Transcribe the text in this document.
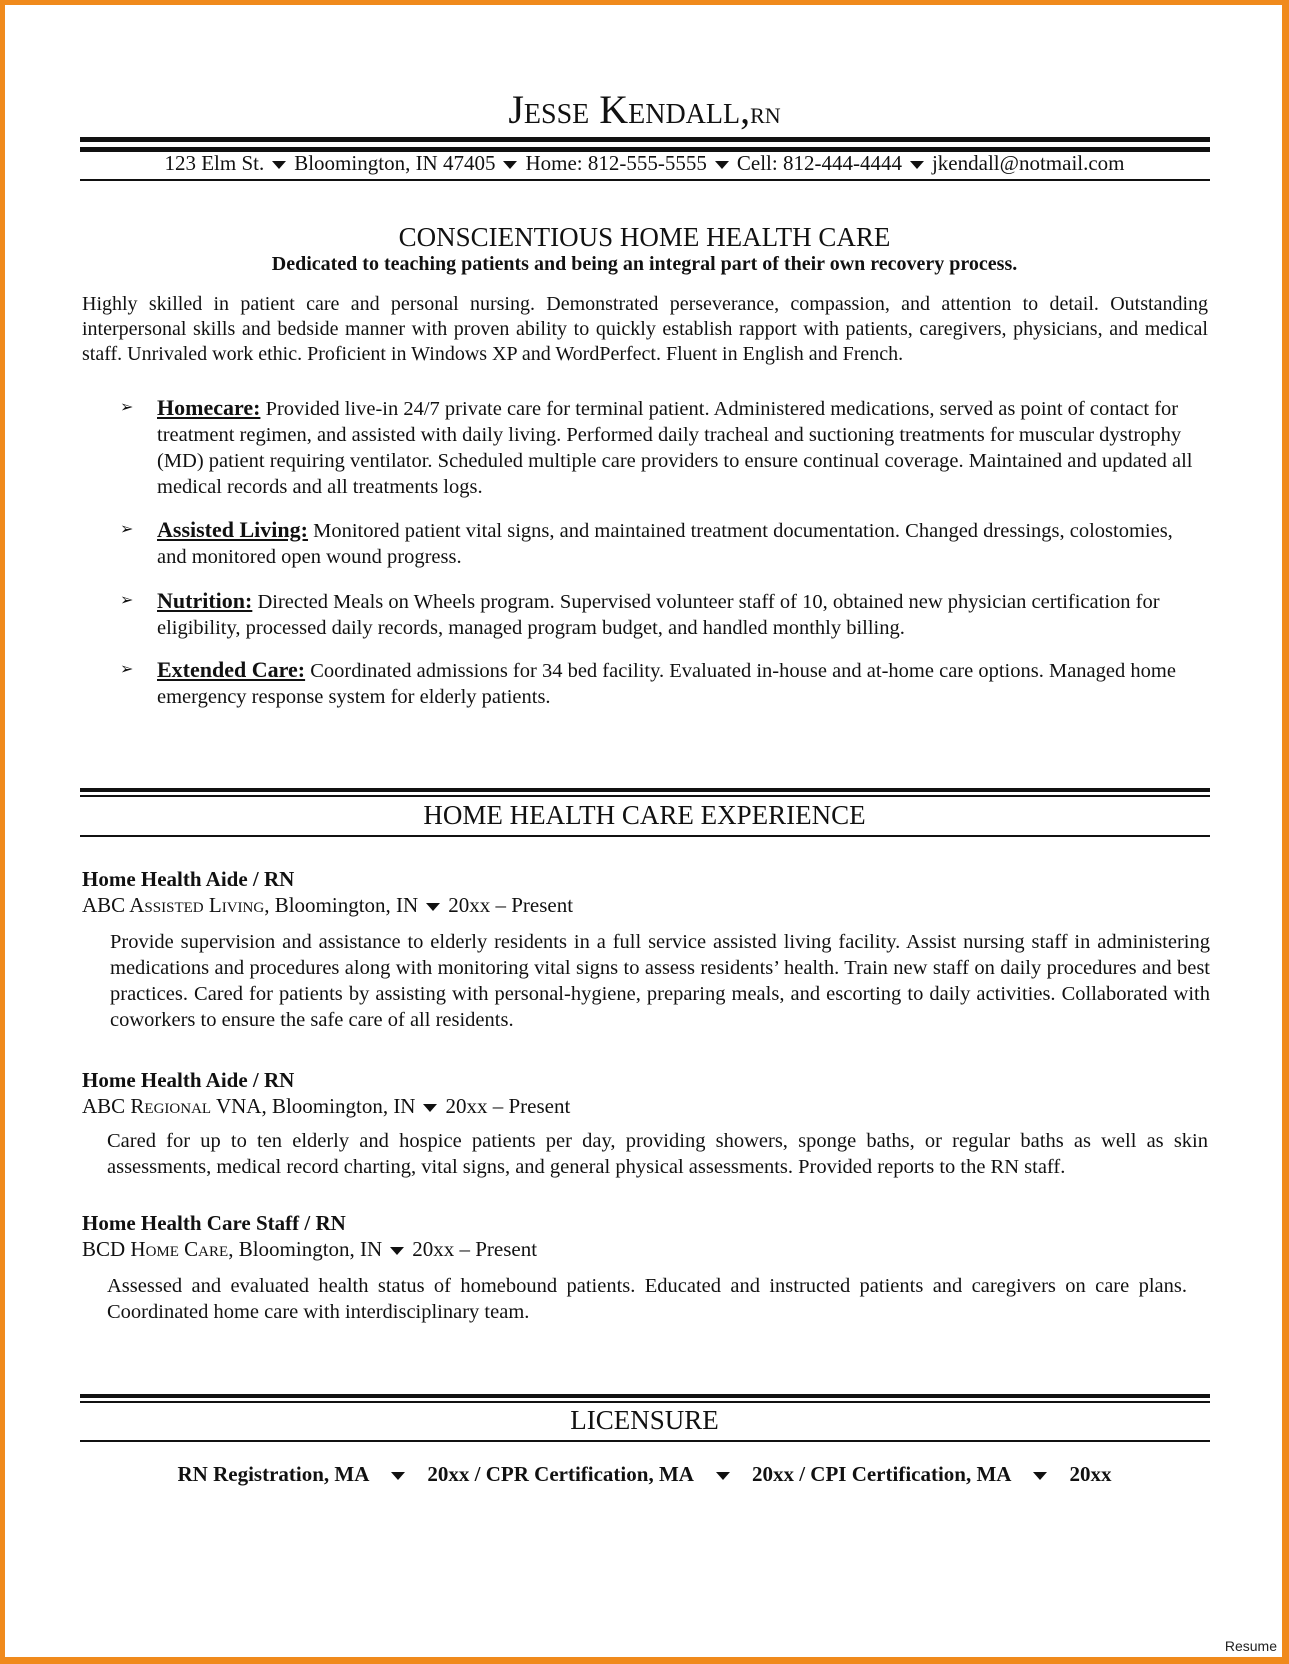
Jesse Kendall,RN
123 Elm St. Bloomington, IN 47405 Home: 812-555-5555 Cell: 812-444-4444 jkendall@notmail.com
CONSCIENTIOUS HOME HEALTH CARE
Dedicated to teaching patients and being an integral part of their own recovery process.
Highly skilled in patient care and personal nursing. Demonstrated perseverance, compassion, and attention to detail. Outstanding interpersonal skills and bedside manner with proven ability to quickly establish rapport with patients, caregivers, physicians, and medical staff. Unrivaled work ethic. Proficient in Windows XP and WordPerfect. Fluent in English and French.
➢ Homecare: Provided live-in 24/7 private care for terminal patient. Administered medications, served as point of contact for treatment regimen, and assisted with daily living. Performed daily tracheal and suctioning treatments for muscular dystrophy (MD) patient requiring ventilator. Scheduled multiple care providers to ensure continual coverage. Maintained and updated all medical records and all treatments logs.
➢ Assisted Living: Monitored patient vital signs, and maintained treatment documentation. Changed dressings, colostomies, and monitored open wound progress.
➢ Nutrition: Directed Meals on Wheels program. Supervised volunteer staff of 10, obtained new physician certification for eligibility, processed daily records, managed program budget, and handled monthly billing.
➢ Extended Care: Coordinated admissions for 34 bed facility. Evaluated in-house and at-home care options. Managed home emergency response system for elderly patients.
HOME HEALTH CARE EXPERIENCE
Home Health Aide / RN
ABC Assisted Living, Bloomington, IN 20xx – Present
Provide supervision and assistance to elderly residents in a full service assisted living facility. Assist nursing staff in administering medications and procedures along with monitoring vital signs to assess residents’ health. Train new staff on daily procedures and best practices. Cared for patients by assisting with personal-hygiene, preparing meals, and escorting to daily activities. Collaborated with coworkers to ensure the safe care of all residents.
Home Health Aide / RN
ABC Regional VNA, Bloomington, IN 20xx – Present
Cared for up to ten elderly and hospice patients per day, providing showers, sponge baths, or regular baths as well as skin assessments, medical record charting, vital signs, and general physical assessments. Provided reports to the RN staff.
Home Health Care Staff / RN
BCD Home Care, Bloomington, IN 20xx – Present
Assessed and evaluated health status of homebound patients. Educated and instructed patients and caregivers on care plans. Coordinated home care with interdisciplinary team.
LICENSURE
RN Registration, MA	20xx / CPR Certification, MA	20xx / CPI Certification, MA	20xx
Resume
